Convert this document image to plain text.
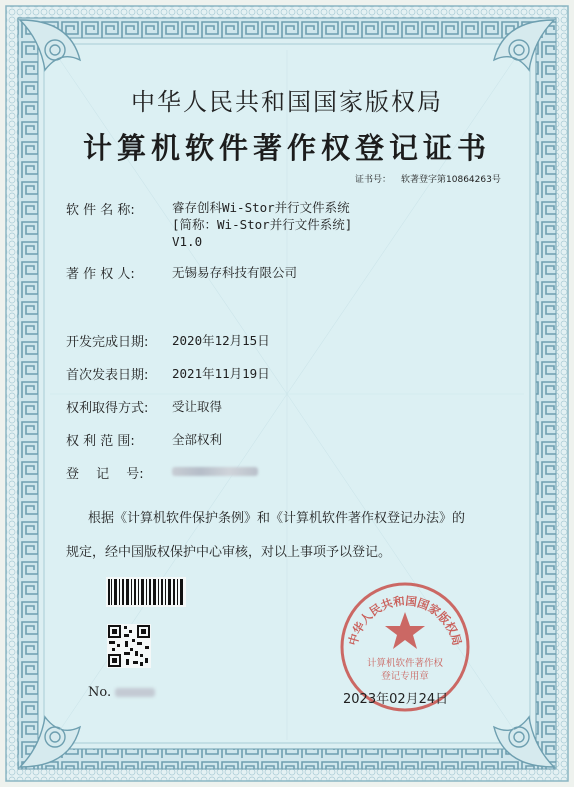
中华人民共和国国家版权局
计算机软件著作权登记证书
证书号： 软著登字第10864263号
软 件 名 称:	睿存创科Wi-Stor并行文件系统
[简称：Wi-Stor并行文件系统]
V1.0
著 作 权 人:	无锡易存科技有限公司
开发完成日期:	2020年12月15日
首次发表日期:	2021年11月19日
权利取得方式:	受让取得
权 利 范 围:	全部权利
登　 记　 号:
根据《计算机软件保护条例》和《计算机软件著作权登记办法》的
规定，经中国版权保护中心审核，对以上事项予以登记。
No.
中华人民共和国国家版权局
计算机软件著作权
登记专用章
2023年02月24日
